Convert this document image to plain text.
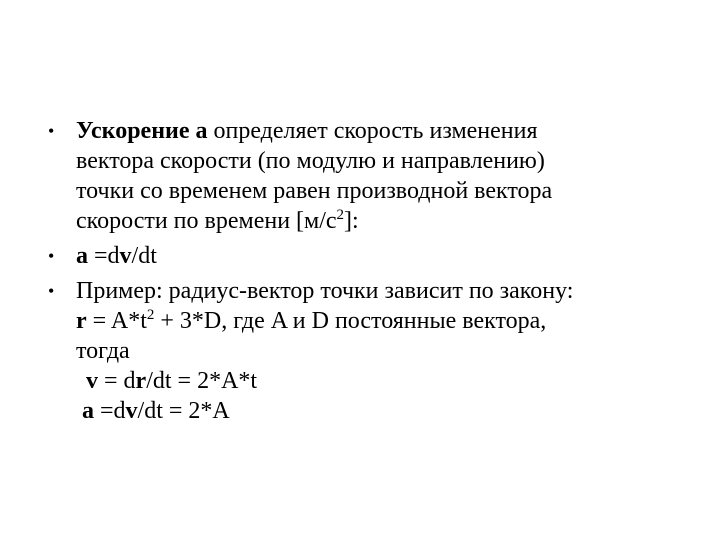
• Ускорение а определяет скорость изменения
вектора скорости (по модулю и направлению)
точки со временем равен производной вектора
скорости по времени $[м/с^2]$:
• а =dv/dt
• Пример: радиус-вектор точки зависит по закону:
$r = A*t^2 + 3*D$, где A и D постоянные вектора,
тогда
v = dr/dt = 2*A*t
a =dv/dt = 2*A
